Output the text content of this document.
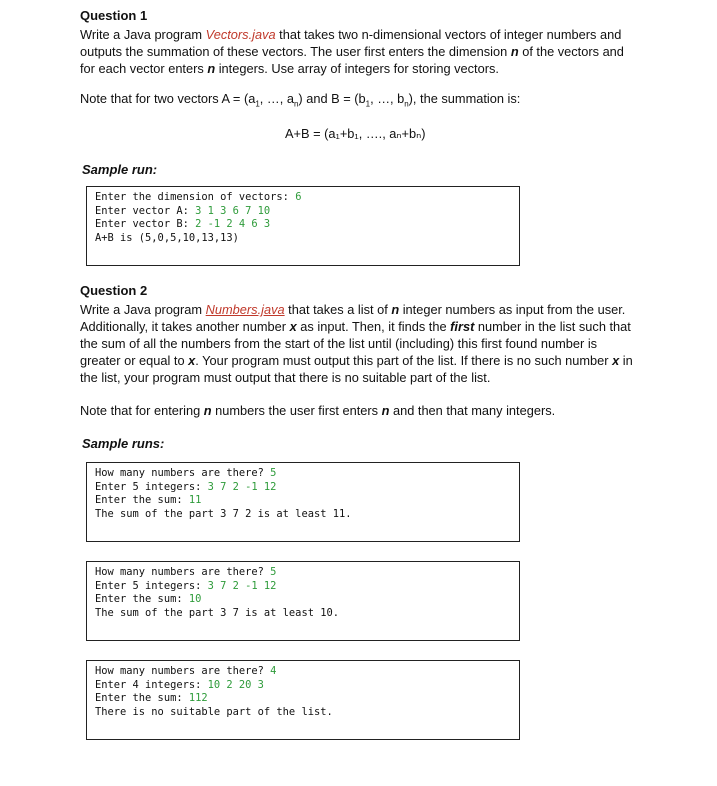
Question 1

Write a Java program Vectors.java that takes two n-dimensional vectors of integer numbers and outputs the summation of these vectors. The user first enters the dimension n of the vectors and for each vector enters n integers. Use array of integers for storing vectors.

Note that for two vectors $A = (a_1$, …, $a_n$) and $B = (b_1$, …, $b_n$), the summation is:

A+B = (a₁+b₁, …., aₙ+bₙ)
Sample run:
Enter the dimension of vectors: 6
Enter vector A: 3 1 3 6 7 10
Enter vector B: 2 -1 2 4 6 3
A+B is (5,0,5,10,13,13)

Question 2

Write a Java program Numbers.java that takes a list of n integer numbers as input from the user. Additionally, it takes another number x as input. Then, it finds the first number in the list such that the sum of all the numbers from the start of the list until (including) this first found number is greater or equal to x. Your program must output this part of the list. If there is no such number x in the list, your program must output that there is no suitable part of the list.

Note that for entering n numbers the user first enters n and then that many integers.

Sample runs:
How many numbers are there? 5
Enter 5 integers: 3 7 2 -1 12
Enter the sum: 11
The sum of the part 3 7 2 is at least 11.
How many numbers are there? 5
Enter 5 integers: 3 7 2 -1 12
Enter the sum: 10
The sum of the part 3 7 is at least 10.
How many numbers are there? 4
Enter 4 integers: 10 2 20 3
Enter the sum: 112
There is no suitable part of the list.
